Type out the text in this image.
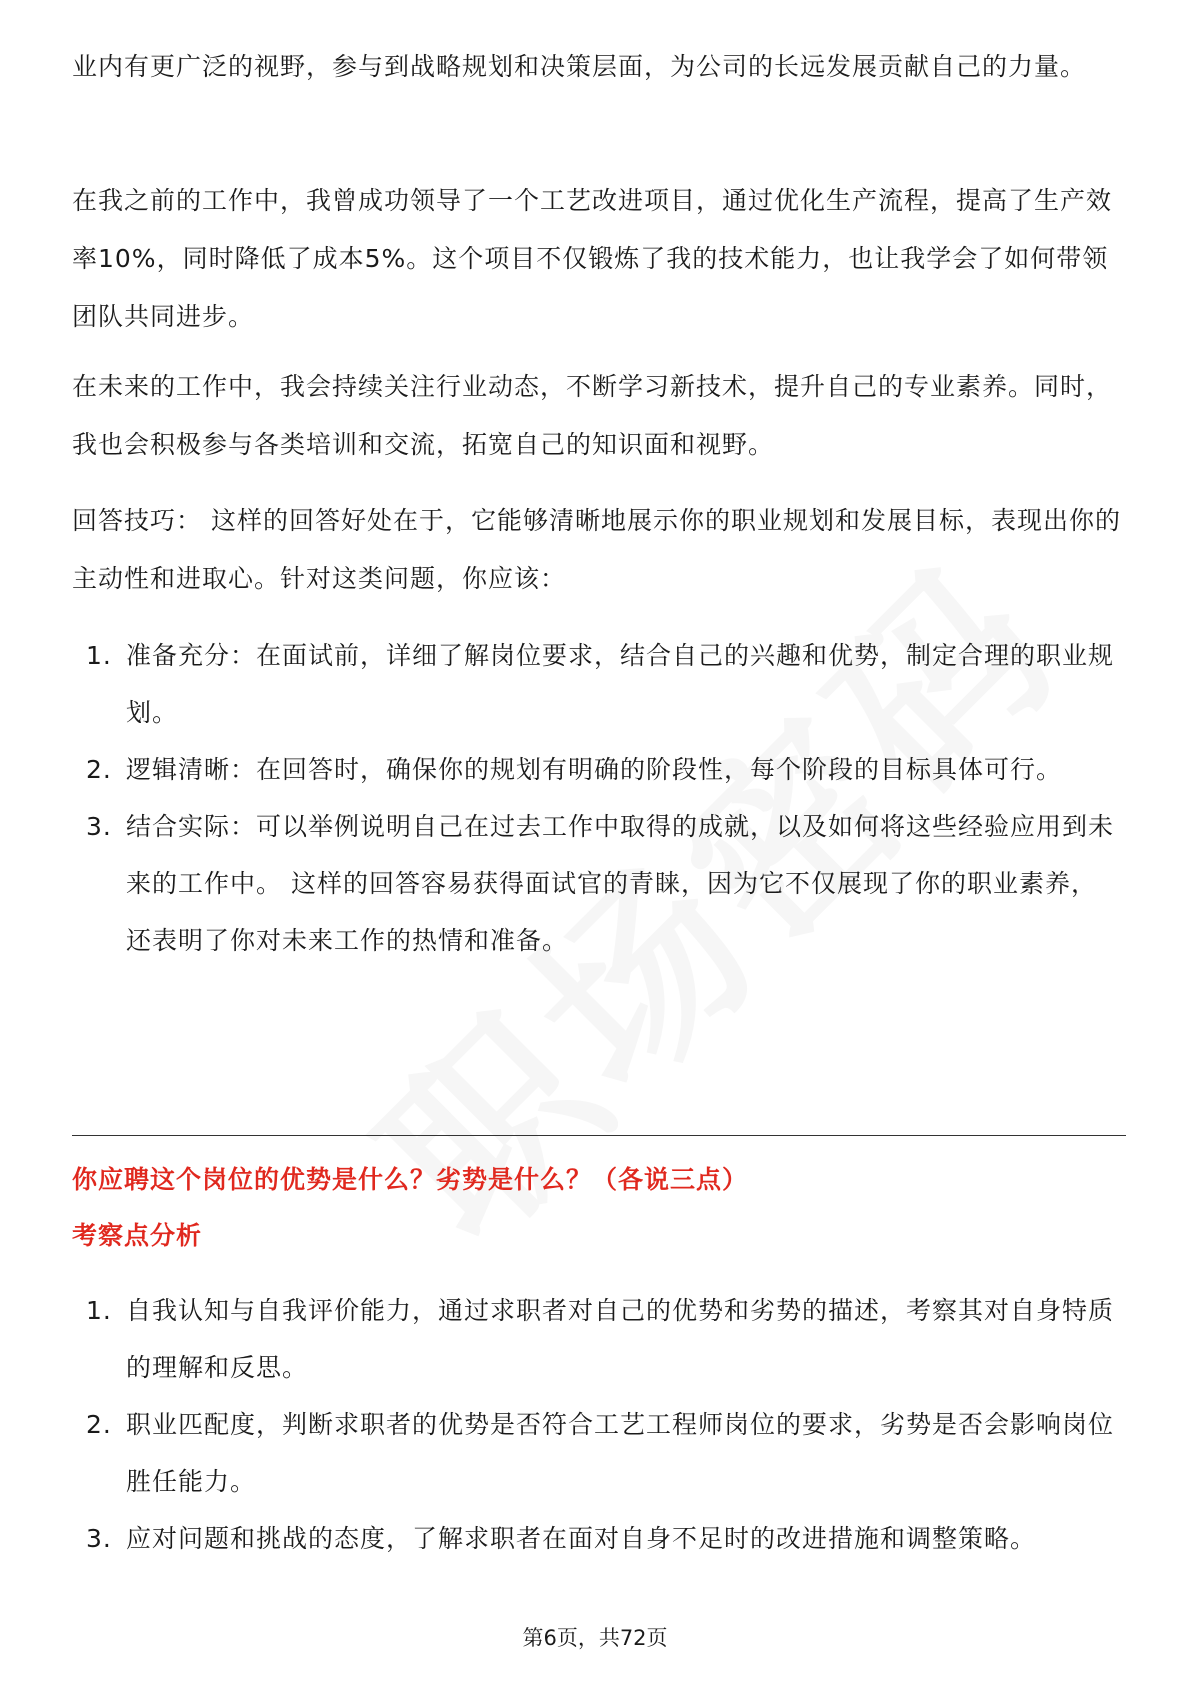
业内有更广泛的视野，参与到战略规划和决策层面，为公司的长远发展贡献自己的力量。
在我之前的工作中，我曾成功领导了一个工艺改进项目，通过优化生产流程，提高了生产效率10%，同时降低了成本5%。这个项目不仅锻炼了我的技术能力，也让我学会了如何带领团队共同进步。
在未来的工作中，我会持续关注行业动态，不断学习新技术，提升自己的专业素养。同时，我也会积极参与各类培训和交流，拓宽自己的知识面和视野。
回答技巧： 这样的回答好处在于，它能够清晰地展示你的职业规划和发展目标，表现出你的主动性和进取心。针对这类问题，你应该：
1. 准备充分：在面试前，详细了解岗位要求，结合自己的兴趣和优势，制定合理的职业规划。
2. 逻辑清晰：在回答时，确保你的规划有明确的阶段性，每个阶段的目标具体可行。
3. 结合实际：可以举例说明自己在过去工作中取得的成就，以及如何将这些经验应用到未来的工作中。 这样的回答容易获得面试官的青睐，因为它不仅展现了你的职业素养，还表明了你对未来工作的热情和准备。
你应聘这个岗位的优势是什么？劣势是什么？（各说三点）
考察点分析
1. 自我认知与自我评价能力，通过求职者对自己的优势和劣势的描述，考察其对自身特质的理解和反思。
2. 职业匹配度，判断求职者的优势是否符合工艺工程师岗位的要求，劣势是否会影响岗位胜任能力。
3. 应对问题和挑战的态度，了解求职者在面对自身不足时的改进措施和调整策略。
第6页，共72页
